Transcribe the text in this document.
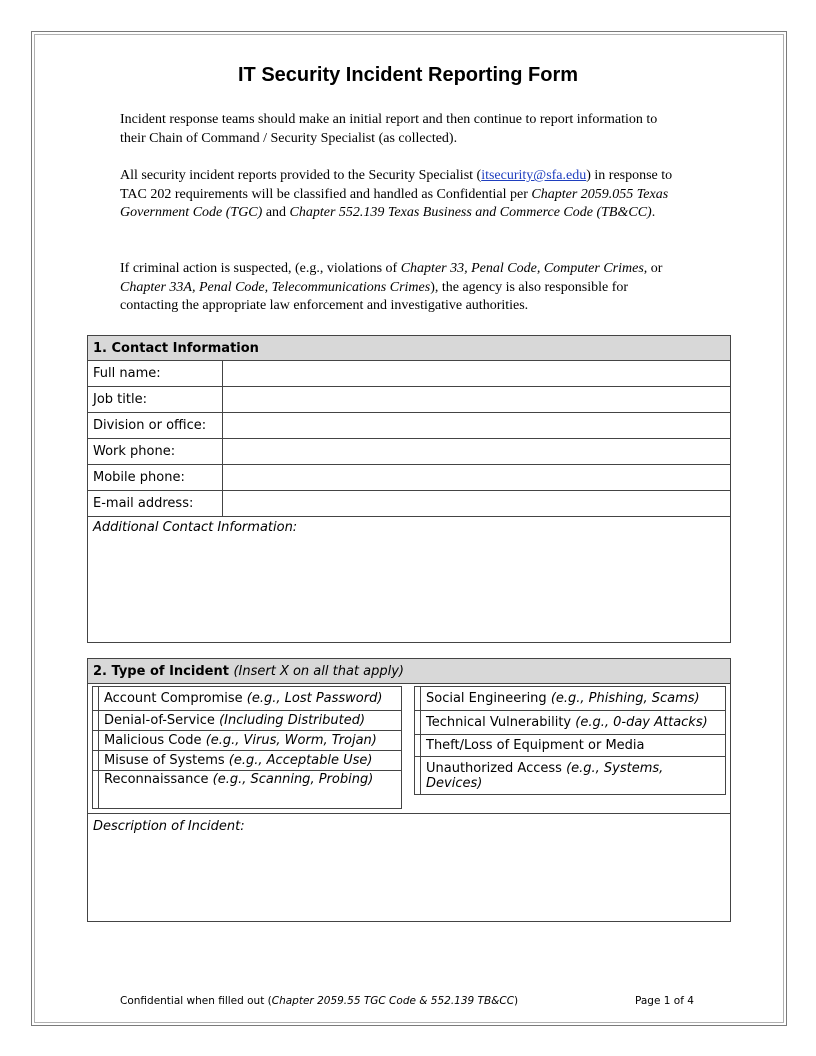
IT Security Incident Reporting Form
Incident response teams should make an initial report and then continue to report information to their Chain of Command / Security Specialist (as collected).
All security incident reports provided to the Security Specialist (itsecurity@sfa.edu) in response to TAC 202 requirements will be classified and handled as Confidential per Chapter 2059.055 Texas Government Code (TGC) and Chapter 552.139 Texas Business and Commerce Code (TB&CC).
If criminal action is suspected, (e.g., violations of Chapter 33, Penal Code, Computer Crimes, or Chapter 33A, Penal Code, Telecommunications Crimes), the agency is also responsible for contacting the appropriate law enforcement and investigative authorities.
1. Contact Information	
Full name:	
Job title:	
Division or office:	
Work phone:	
Mobile phone:	
E-mail address:	
Additional Contact Information:	
2. Type of Incident (Insert X on all that apply)

	Account Compromise (e.g., Lost Password)
	Denial-of-Service (Including Distributed)
	Malicious Code (e.g., Virus, Worm, Trojan)
	Misuse of Systems (e.g., Acceptable Use)
	Reconnaissance (e.g., Scanning, Probing)
	Social Engineering (e.g., Phishing, Scams)
	Technical Vulnerability (e.g., 0-day Attacks)
	Theft/Loss of Equipment or Media
	Unauthorized Access (e.g., Systems, Devices)

Description of Incident:
Confidential when filled out (Chapter 2059.55 TGC Code & 552.139 TB&CC)	Page 1 of 4
